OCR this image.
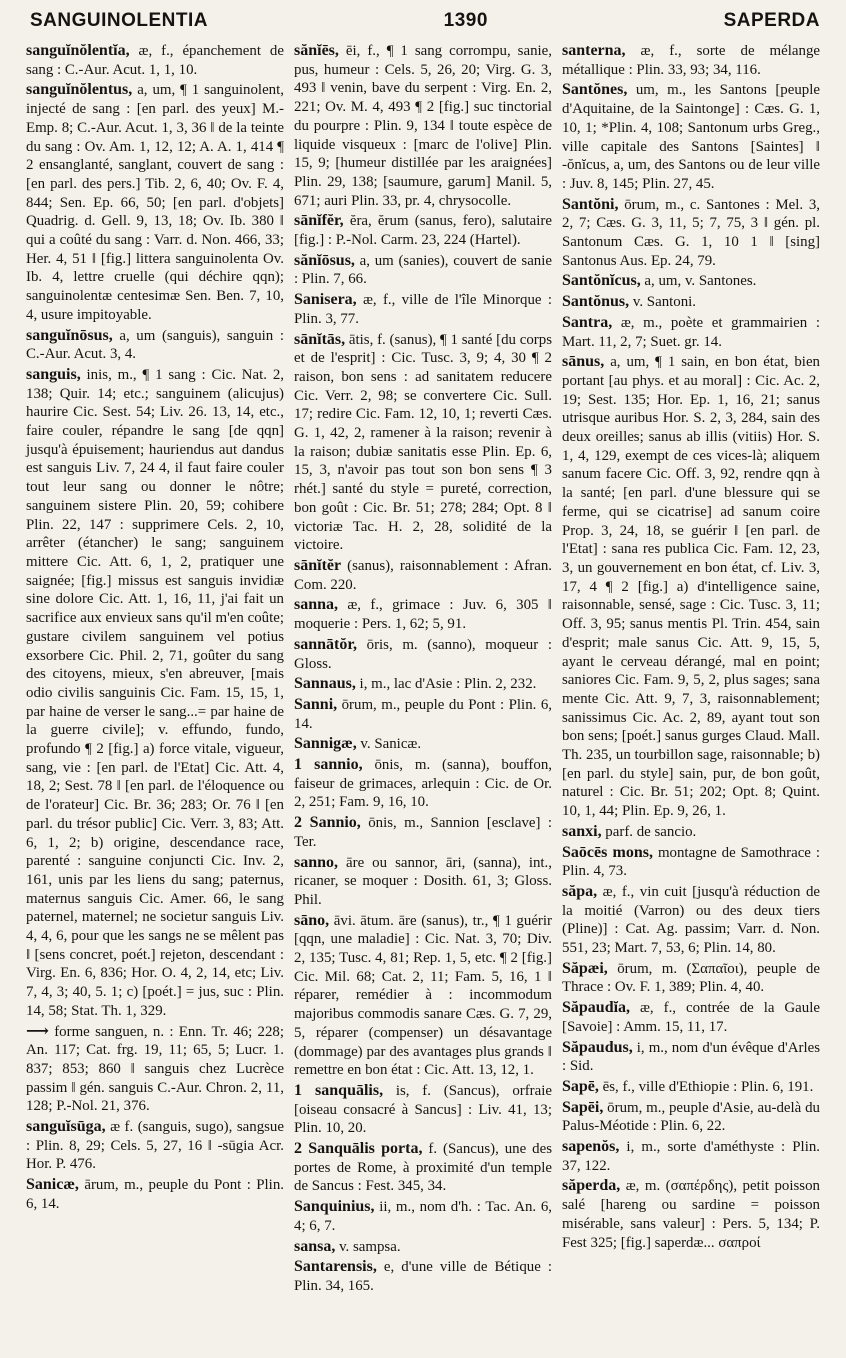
SANGUINOLENTIA	1390	SAPERDA

sanguĭnŏlentĭa, æ, f., épanchement de sang : C.-Aur. Acut. 1, 1, 10.

sanguĭnŏlentus, a, um, ¶ 1 sanguinolent, injecté de sang : [en parl. des yeux] M.-Emp. 8; C.-Aur. Acut. 1, 3, 36 ‖ de la teinte du sang : Ov. Am. 1, 12, 12; A. A. 1, 414 ¶ 2 ensanglanté, sanglant, couvert de sang : [en parl. des pers.] Tib. 2, 6, 40; Ov. F. 4, 844; Sen. Ep. 66, 50; [en parl. d'objets] Quadrig. d. Gell. 9, 13, 18; Ov. Ib. 380 ‖ qui a coûté du sang : Varr. d. Non. 466, 33; Her. 4, 51 ‖ [fig.] littera sanguinolenta Ov. Ib. 4, lettre cruelle (qui déchire qqn); sanguinolentæ centesimæ Sen. Ben. 7, 10, 4, usure impitoyable.

sanguĭnōsus, a, um (sanguis), sanguin : C.-Aur. Acut. 3, 4.

sanguis, inis, m., ¶ 1 sang : Cic. Nat. 2, 138; Quir. 14; etc.; sanguinem (alicujus) haurire Cic. Sest. 54; Liv. 26. 13, 14, etc., faire couler, répandre le sang [de qqn] jusqu'à épuisement; hauriendus aut dandus est sanguis Liv. 7, 24 4, il faut faire couler tout leur sang ou donner le nôtre; sanguinem sistere Plin. 20, 59; cohibere Plin. 22, 147 : supprimere Cels. 2, 10, arrêter (étancher) le sang; sanguinem mittere Cic. Att. 6, 1, 2, pratiquer une saignée; [fig.] missus est sanguis invidiæ sine dolore Cic. Att. 1, 16, 11, j'ai fait un sacrifice aux envieux sans qu'il m'en coûte; gustare civilem sanguinem vel potius exsorbere Cic. Phil. 2, 71, goûter du sang des citoyens, mieux, s'en abreuver, [mais odio civilis sanguinis Cic. Fam. 15, 15, 1, par haine de verser le sang...= par haine de la guerre civile]; v. effundo, fundo, profundo ¶ 2 [fig.] a) force vitale, vigueur, sang, vie : [en parl. de l'Etat] Cic. Att. 4, 18, 2; Sest. 78 ‖ [en parl. de l'éloquence ou de l'orateur] Cic. Br. 36; 283; Or. 76 ‖ [en parl. du trésor public] Cic. Verr. 3, 83; Att. 6, 1, 2; b) origine, descendance race, parenté : sanguine conjuncti Cic. Inv. 2, 161, unis par les liens du sang; paternus, maternus sanguis Cic. Amer. 66, le sang paternel, maternel; ne societur sanguis Liv. 4, 4, 6, pour que les sangs ne se mêlent pas ‖ [sens concret, poét.] rejeton, descendant : Virg. En. 6, 836; Hor. O. 4, 2, 14, etc; Liv. 7, 4, 3; 40, 5. 1; c) [poét.] = jus, suc : Plin. 14, 58; Stat. Th. 1, 329.

⟶ forme sanguen, n. : Enn. Tr. 46; 228; An. 117; Cat. frg. 19, 11; 65, 5; Lucr. 1. 837; 853; 860 ‖ sanguis chez Lucrèce passim ‖ gén. sanguis C.-Aur. Chron. 2, 11, 128; P.-Nol. 21, 376.

sanguĭsūga, æ f. (sanguis, sugo), sangsue : Plin. 8, 29; Cels. 5, 27, 16 ‖ -sūgia Acr. Hor. P. 476.

Sanicæ, ārum, m., peuple du Pont : Plin. 6, 14.

sănĭēs, ēi, f., ¶ 1 sang corrompu, sanie, pus, humeur : Cels. 5, 26, 20; Virg. G. 3, 493 ‖ venin, bave du serpent : Virg. En. 2, 221; Ov. M. 4, 493 ¶ 2 [fig.] suc tinctorial du pourpre : Plin. 9, 134 ‖ toute espèce de liquide visqueux : [marc de l'olive] Plin. 15, 9; [humeur distillée par les araignées] Plin. 29, 138; [saumure, garum] Manil. 5, 671; auri Plin. 33, pr. 4, chrysocolle.

sānĭfĕr, ĕra, ĕrum (sanus, fero), salutaire [fig.] : P.-Nol. Carm. 23, 224 (Hartel).

sănĭōsus, a, um (sanies), couvert de sanie : Plin. 7, 66.

Sanisera, æ, f., ville de l'île Minorque : Plin. 3, 77.

sānĭtās, ātis, f. (sanus), ¶ 1 santé [du corps et de l'esprit] : Cic. Tusc. 3, 9; 4, 30 ¶ 2 raison, bon sens : ad sanitatem reducere Cic. Verr. 2, 98; se convertere Cic. Sull. 17; redire Cic. Fam. 12, 10, 1; reverti Cæs. G. 1, 42, 2, ramener à la raison; revenir à la raison; dubiæ sanitatis esse Plin. Ep. 6, 15, 3, n'avoir pas tout son bon sens ¶ 3 rhét.] santé du style = pureté, correction, bon goût : Cic. Br. 51; 278; 284; Opt. 8 ‖ victoriæ Tac. H. 2, 28, solidité de la victoire.

sānĭtĕr (sanus), raisonnablement : Afran. Com. 220.

sanna, æ, f., grimace : Juv. 6, 305 ‖ moquerie : Pers. 1, 62; 5, 91.

sannātŏr, ōris, m. (sanno), moqueur : Gloss.

Sannaus, i, m., lac d'Asie : Plin. 2, 232.

Sanni, ōrum, m., peuple du Pont : Plin. 6, 14.

Sannigæ, v. Sanicæ.

1 sannio, ōnis, m. (sanna), bouffon, faiseur de grimaces, arlequin : Cic. de Or. 2, 251; Fam. 9, 16, 10.

2 Sannio, ōnis, m., Sannion [esclave] : Ter.

sanno, āre ou sannor, āri, (sanna), int., ricaner, se moquer : Dosith. 61, 3; Gloss. Phil.

sāno, āvi. ātum. āre (sanus), tr., ¶ 1 guérir [qqn, une maladie] : Cic. Nat. 3, 70; Div. 2, 135; Tusc. 4, 81; Rep. 1, 5, etc. ¶ 2 [fig.] Cic. Mil. 68; Cat. 2, 11; Fam. 5, 16, 1 ‖ réparer, remédier à : incommodum majoribus commodis sanare Cæs. G. 7, 29, 5, réparer (compenser) un désavantage (dommage) par des avantages plus grands ‖ remettre en bon état : Cic. Att. 13, 12, 1.

1 sanquālis, is, f. (Sancus), orfraie [oiseau consacré à Sancus] : Liv. 41, 13; Plin. 10, 20.

2 Sanquālis porta, f. (Sancus), une des portes de Rome, à proximité d'un temple de Sancus : Fest. 345, 34.

Sanquinius, ii, m., nom d'h. : Tac. An. 6, 4; 6, 7.

sansa, v. sampsa.

Santarensis, e, d'une ville de Bétique : Plin. 34, 165.

santerna, æ, f., sorte de mélange métallique : Plin. 33, 93; 34, 116.

Santŏnes, um, m., les Santons [peuple d'Aquitaine, de la Saintonge] : Cæs. G. 1, 10, 1; *Plin. 4, 108; Santonum urbs Greg., ville capitale des Santons [Saintes] ‖ -ŏnĭcus, a, um, des Santons ou de leur ville : Juv. 8, 145; Plin. 27, 45.

Santŏni, ōrum, m., c. Santones : Mel. 3, 2, 7; Cæs. G. 3, 11, 5; 7, 75, 3 ‖ gén. pl. Santonum Cæs. G. 1, 10 1 ‖ [sing] Santonus Aus. Ep. 24, 79.

Santŏnĭcus, a, um, v. Santones.

Santŏnus, v. Santoni.

Santra, æ, m., poète et grammairien : Mart. 11, 2, 7; Suet. gr. 14.

sānus, a, um, ¶ 1 sain, en bon état, bien portant [au phys. et au moral] : Cic. Ac. 2, 19; Sest. 135; Hor. Ep. 1, 16, 21; sanus utrisque auribus Hor. S. 2, 3, 284, sain des deux oreilles; sanus ab illis (vitiis) Hor. S. 1, 4, 129, exempt de ces vices-là; aliquem sanum facere Cic. Off. 3, 92, rendre qqn à la santé; [en parl. d'une blessure qui se ferme, qui se cicatrise] ad sanum coire Prop. 3, 24, 18, se guérir ‖ [en parl. de l'Etat] : sana res publica Cic. Fam. 12, 23, 3, un gouvernement en bon état, cf. Liv. 3, 17, 4 ¶ 2 [fig.] a) d'intelligence saine, raisonnable, sensé, sage : Cic. Tusc. 3, 11; Off. 3, 95; sanus mentis Pl. Trin. 454, sain d'esprit; male sanus Cic. Att. 9, 15, 5, ayant le cerveau dérangé, mal en point; saniores Cic. Fam. 9, 5, 2, plus sages; sana mente Cic. Att. 9, 7, 3, raisonnablement; sanissimus Cic. Ac. 2, 89, ayant tout son bon sens; [poét.] sanus gurges Claud. Mall. Th. 235, un tourbillon sage, raisonnable; b) [en parl. du style] sain, pur, de bon goût, naturel : Cic. Br. 51; 202; Opt. 8; Quint. 10, 1, 44; Plin. Ep. 9, 26, 1.

sanxi, parf. de sancio.

Saōcēs mons, montagne de Samothrace : Plin. 4, 73.

săpa, æ, f., vin cuit [jusqu'à réduction de la moitié (Varron) ou des deux tiers (Pline)] : Cat. Ag. passim; Varr. d. Non. 551, 23; Mart. 7, 53, 6; Plin. 14, 80.

Săpæi, ōrum, m. (Σαπαῖοι), peuple de Thrace : Ov. F. 1, 389; Plin. 4, 40.

Săpaudĭa, æ, f., contrée de la Gaule [Savoie] : Amm. 15, 11, 17.

Săpaudus, i, m., nom d'un évêque d'Arles : Sid.

Sapē, ēs, f., ville d'Ethiopie : Plin. 6, 191.

Sapēi, ōrum, m., peuple d'Asie, au-delà du Palus-Méotide : Plin. 6, 22.

sapenŏs, i, m., sorte d'améthyste : Plin. 37, 122.

săperda, æ, m. (σαπέρδης), petit poisson salé [hareng ou sardine = poisson misérable, sans valeur] : Pers. 5, 134; P. Fest 325; [fig.] saperdæ... σαπροί
